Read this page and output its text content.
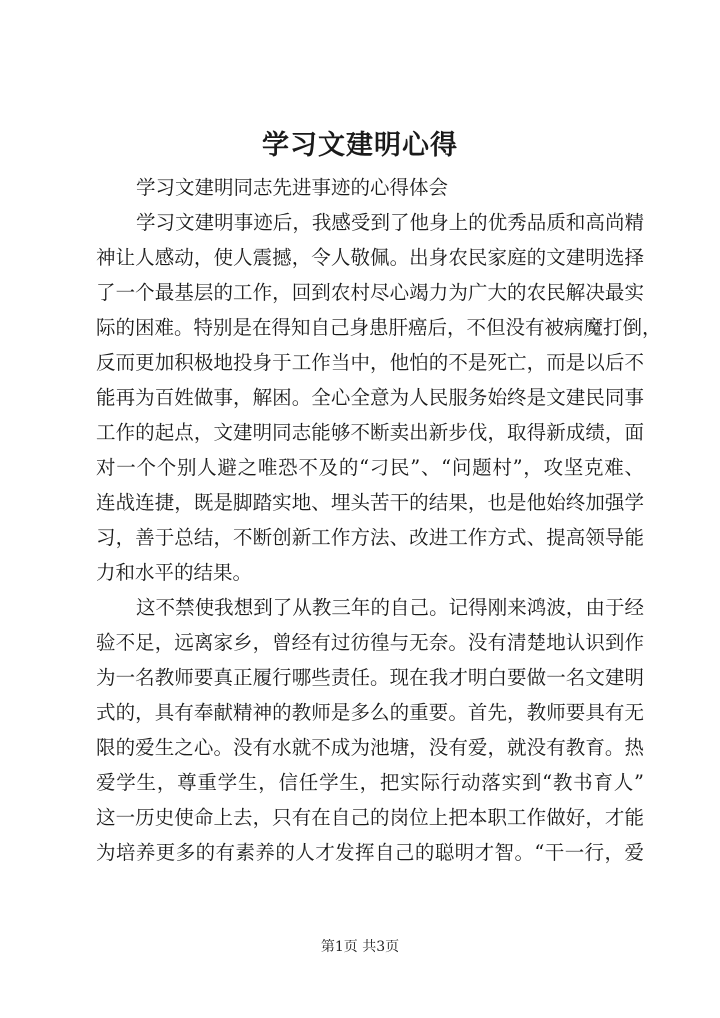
学习文建明心得
学习文建明同志先进事迹的心得体会
学习文建明事迹后，我感受到了他身上的优秀品质和高尚精
神让人感动，使人震撼，令人敬佩。出身农民家庭的文建明选择
了一个最基层的工作，回到农村尽心竭力为广大的农民解决最实
际的困难。特别是在得知自己身患肝癌后，不但没有被病魔打倒，
反而更加积极地投身于工作当中，他怕的不是死亡，而是以后不
能再为百姓做事，解困。全心全意为人民服务始终是文建民同事
工作的起点，文建明同志能够不断卖出新步伐，取得新成绩，面
对一个个别人避之唯恐不及的“刁民”、“问题村”，攻坚克难、
连战连捷，既是脚踏实地、埋头苦干的结果，也是他始终加强学
习，善于总结，不断创新工作方法、改进工作方式、提高领导能
力和水平的结果。
这不禁使我想到了从教三年的自己。记得刚来鸿波，由于经
验不足，远离家乡，曾经有过彷徨与无奈。没有清楚地认识到作
为一名教师要真正履行哪些责任。现在我才明白要做一名文建明
式的，具有奉献精神的教师是多么的重要。首先，教师要具有无
限的爱生之心。没有水就不成为池塘，没有爱，就没有教育。热
爱学生，尊重学生，信任学生，把实际行动落实到“教书育人”
这一历史使命上去，只有在自己的岗位上把本职工作做好，才能
为培养更多的有素养的人才发挥自己的聪明才智。“干一行，爱
第1页 共3页
